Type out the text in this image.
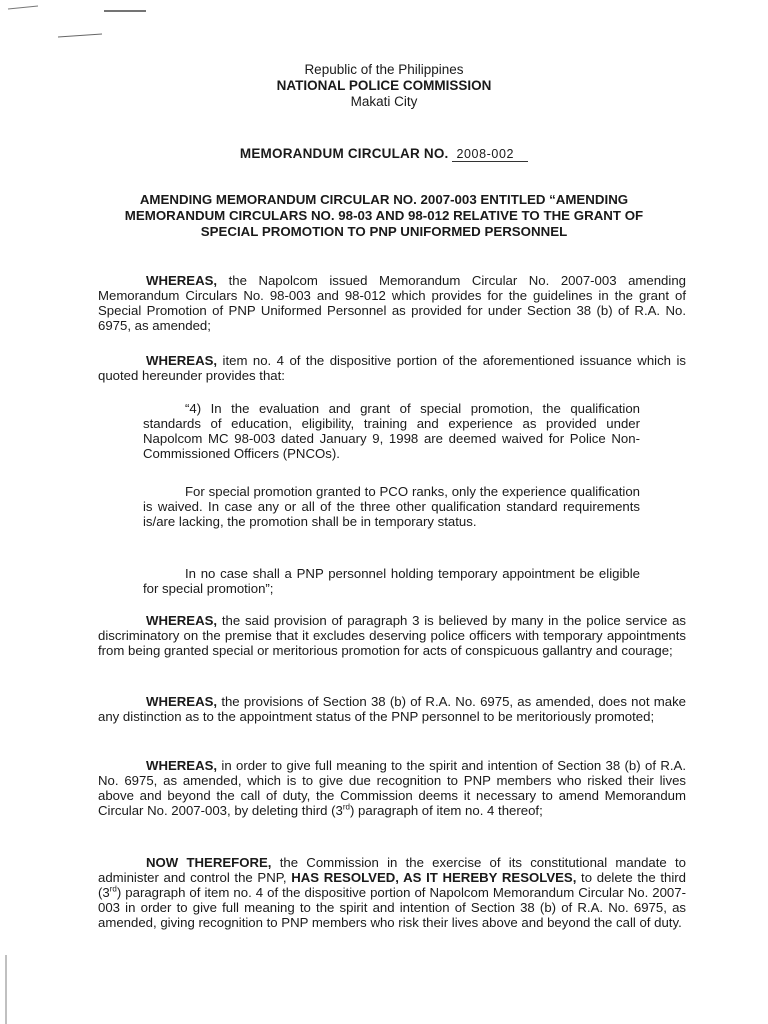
Republic of the Philippines
NATIONAL POLICE COMMISSION
Makati City
MEMORANDUM CIRCULAR NO. 2008-002
AMENDING MEMORANDUM CIRCULAR NO. 2007-003 ENTITLED “AMENDING MEMORANDUM CIRCULARS NO. 98-03 AND 98-012 RELATIVE TO THE GRANT OF SPECIAL PROMOTION TO PNP UNIFORMED PERSONNEL

WHEREAS, the Napolcom issued Memorandum Circular No. 2007-003 amending Memorandum Circulars No. 98-003 and 98-012 which provides for the guidelines in the grant of Special Promotion of PNP Uniformed Personnel as provided for under Section 38 (b) of R.A. No. 6975, as amended;

WHEREAS, item no. 4 of the dispositive portion of the aforementioned issuance which is quoted hereunder provides that:

“4) In the evaluation and grant of special promotion, the qualification standards of education, eligibility, training and experience as provided under Napolcom MC 98-003 dated January 9, 1998 are deemed waived for Police Non-Commissioned Officers (PNCOs).

For special promotion granted to PCO ranks, only the experience qualification is waived. In case any or all of the three other qualification standard requirements is/are lacking, the promotion shall be in temporary status.

In no case shall a PNP personnel holding temporary appointment be eligible for special promotion”;

WHEREAS, the said provision of paragraph 3 is believed by many in the police service as discriminatory on the premise that it excludes deserving police officers with temporary appointments from being granted special or meritorious promotion for acts of conspicuous gallantry and courage;

WHEREAS, the provisions of Section 38 (b) of R.A. No. 6975, as amended, does not make any distinction as to the appointment status of the PNP personnel to be meritoriously promoted;

WHEREAS, in order to give full meaning to the spirit and intention of Section 38 (b) of R.A. No. 6975, as amended, which is to give due recognition to PNP members who risked their lives above and beyond the call of duty, the Commission deems it necessary to amend Memorandum Circular No. 2007-003, by deleting third (3rd) paragraph of item no. 4 thereof;

NOW THEREFORE, the Commission in the exercise of its constitutional mandate to administer and control the PNP, HAS RESOLVED, AS IT HEREBY RESOLVES, to delete the third (3rd) paragraph of item no. 4 of the dispositive portion of Napolcom Memorandum Circular No. 2007-003 in order to give full meaning to the spirit and intention of Section 38 (b) of R.A. No. 6975, as amended, giving recognition to PNP members who risk their lives above and beyond the call of duty.
